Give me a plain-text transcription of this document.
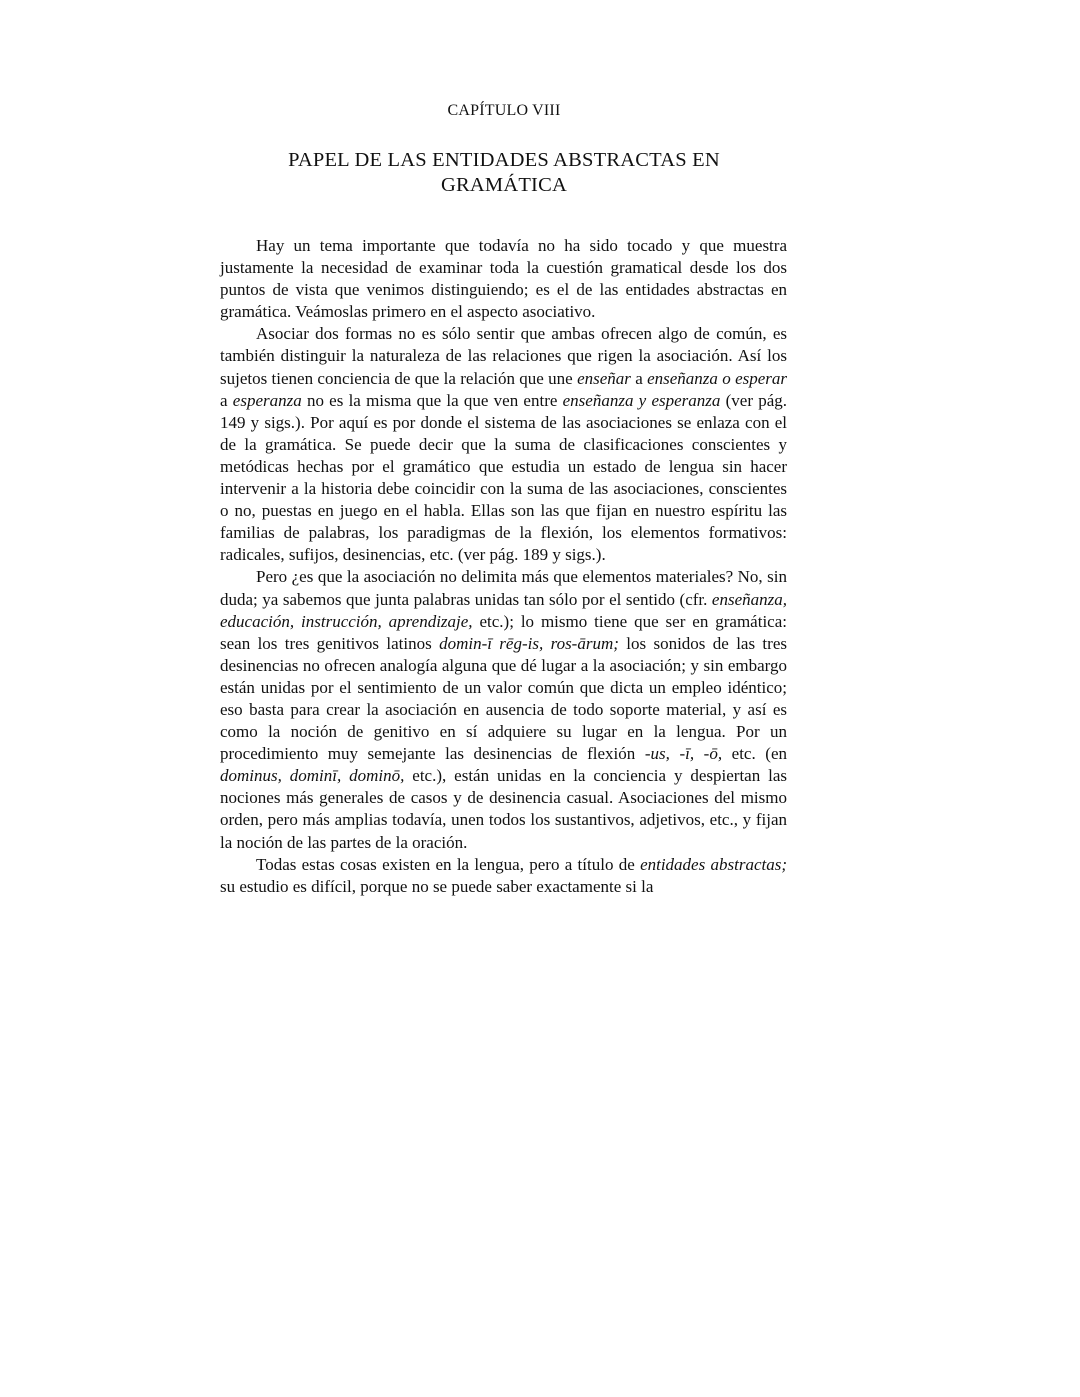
CAPÍTULO VIII
PAPEL DE LAS ENTIDADES ABSTRACTAS EN
GRAMÁTICA

Hay un tema importante que todavía no ha sido tocado y que muestra justamente la necesidad de examinar toda la cuestión gramatical desde los dos puntos de vista que venimos distinguiendo; es el de las entidades abstractas en gramática. Veámoslas primero en el aspecto asociativo.

Asociar dos formas no es sólo sentir que ambas ofrecen algo de común, es también distinguir la naturaleza de las relaciones que rigen la asociación. Así los sujetos tienen conciencia de que la relación que une enseñar a enseñanza o esperar a esperanza no es la misma que la que ven entre enseñanza y esperanza (ver pág. 149 y sigs.). Por aquí es por donde el sistema de las asociaciones se enlaza con el de la gramática. Se puede decir que la suma de clasificaciones conscientes y metódicas hechas por el gramático que estudia un estado de lengua sin hacer intervenir a la historia debe coincidir con la suma de las asociaciones, conscientes o no, puestas en juego en el habla. Ellas son las que fijan en nuestro espíritu las familias de palabras, los paradigmas de la flexión, los elementos formativos: radicales, sufijos, desinencias, etc. (ver pág. 189 y sigs.).

Pero ¿es que la asociación no delimita más que elementos materiales? No, sin duda; ya sabemos que junta palabras unidas tan sólo por el sentido (cfr. enseñanza, educación, instrucción, aprendizaje, etc.); lo mismo tiene que ser en gramática: sean los tres genitivos latinos domin-ī rēg-is, ros-ārum; los sonidos de las tres desinencias no ofrecen analogía alguna que dé lugar a la asociación; y sin embargo están unidas por el sentimiento de un valor común que dicta un empleo idéntico; eso basta para crear la asociación en ausencia de todo soporte material, y así es como la noción de genitivo en sí adquiere su lugar en la lengua. Por un procedimiento muy semejante las desinencias de flexión -us, -ī, -ō, etc. (en dominus, dominī, dominō, etc.), están unidas en la conciencia y despiertan las nociones más generales de casos y de desinencia casual. Asociaciones del mismo orden, pero más amplias todavía, unen todos los sustantivos, adjetivos, etc., y fijan la noción de las partes de la oración.

Todas estas cosas existen en la lengua, pero a título de entidades abstractas; su estudio es difícil, porque no se puede saber exactamente si la
